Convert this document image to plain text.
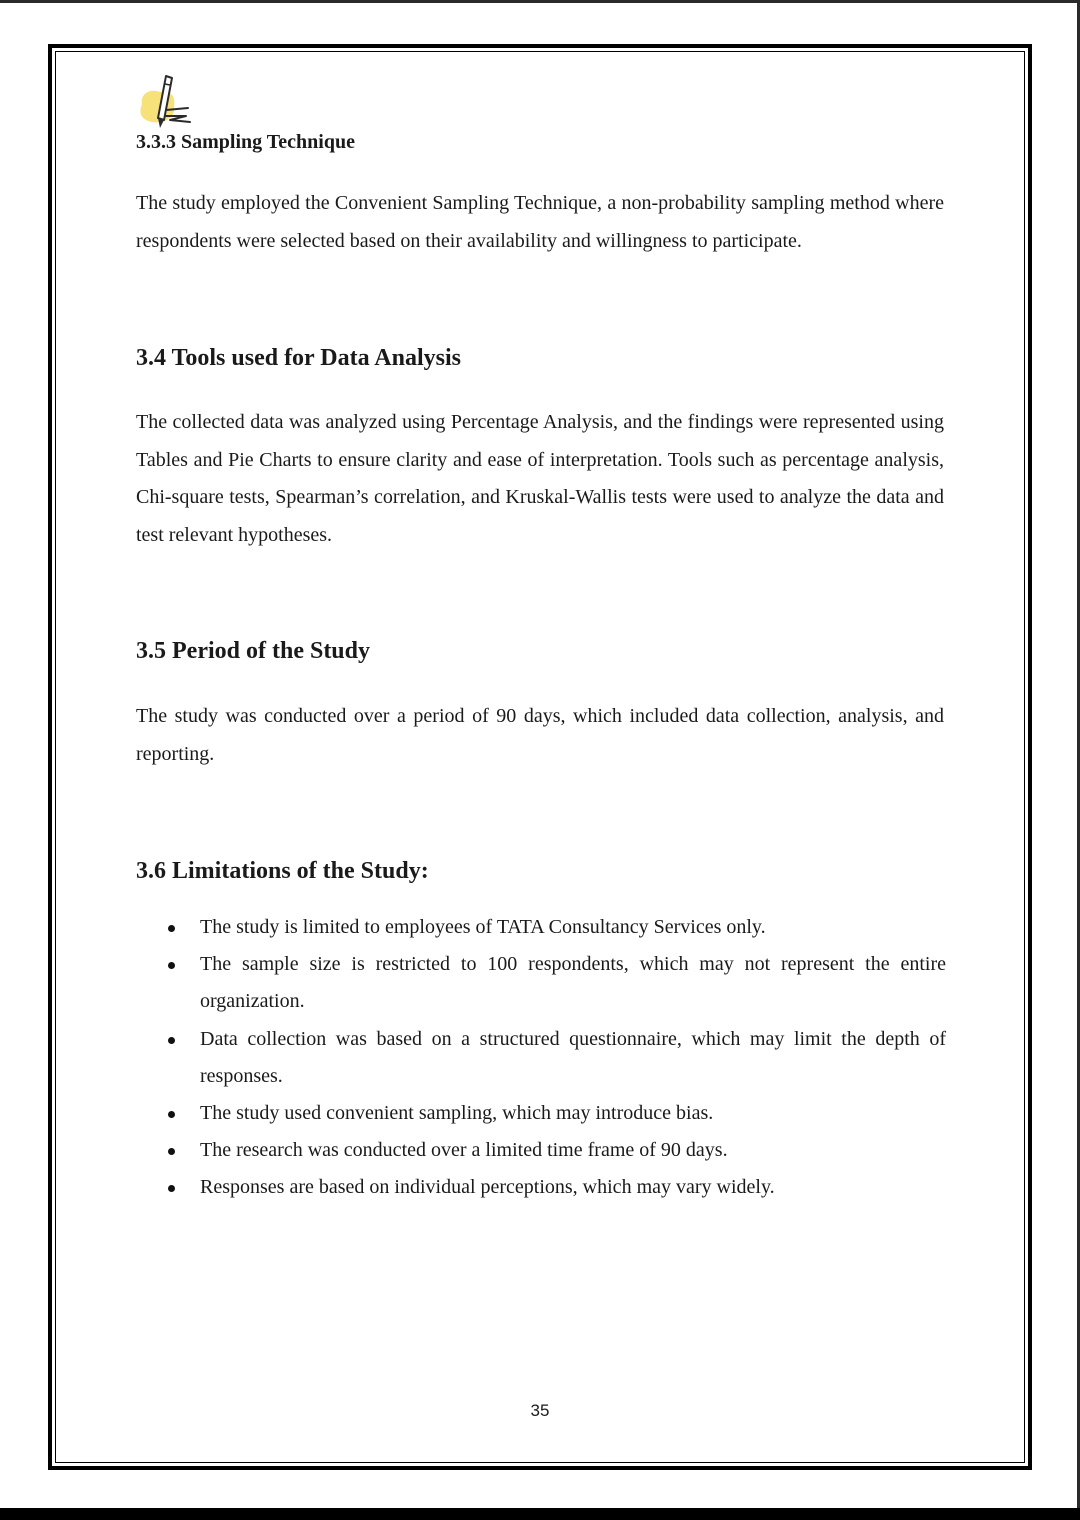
3.3.3 Sampling Technique

The study employed the Convenient Sampling Technique, a non-probability sampling method where respondents were selected based on their availability and willingness to participate.

3.4 Tools used for Data Analysis

The collected data was analyzed using Percentage Analysis, and the findings were represented using Tables and Pie Charts to ensure clarity and ease of interpretation. Tools such as percentage analysis, Chi-square tests, Spearman’s correlation, and Kruskal-Wallis tests were used to analyze the data and test relevant hypotheses.

3.5 Period of the Study

The study was conducted over a period of 90 days, which included data collection, analysis, and reporting.

3.6 Limitations of the Study:
The study is limited to employees of TATA Consultancy Services only.
The sample size is restricted to 100 respondents, which may not represent the entire organization.
Data collection was based on a structured questionnaire, which may limit the depth of responses.
The study used convenient sampling, which may introduce bias.
The research was conducted over a limited time frame of 90 days.
Responses are based on individual perceptions, which may vary widely.
35
